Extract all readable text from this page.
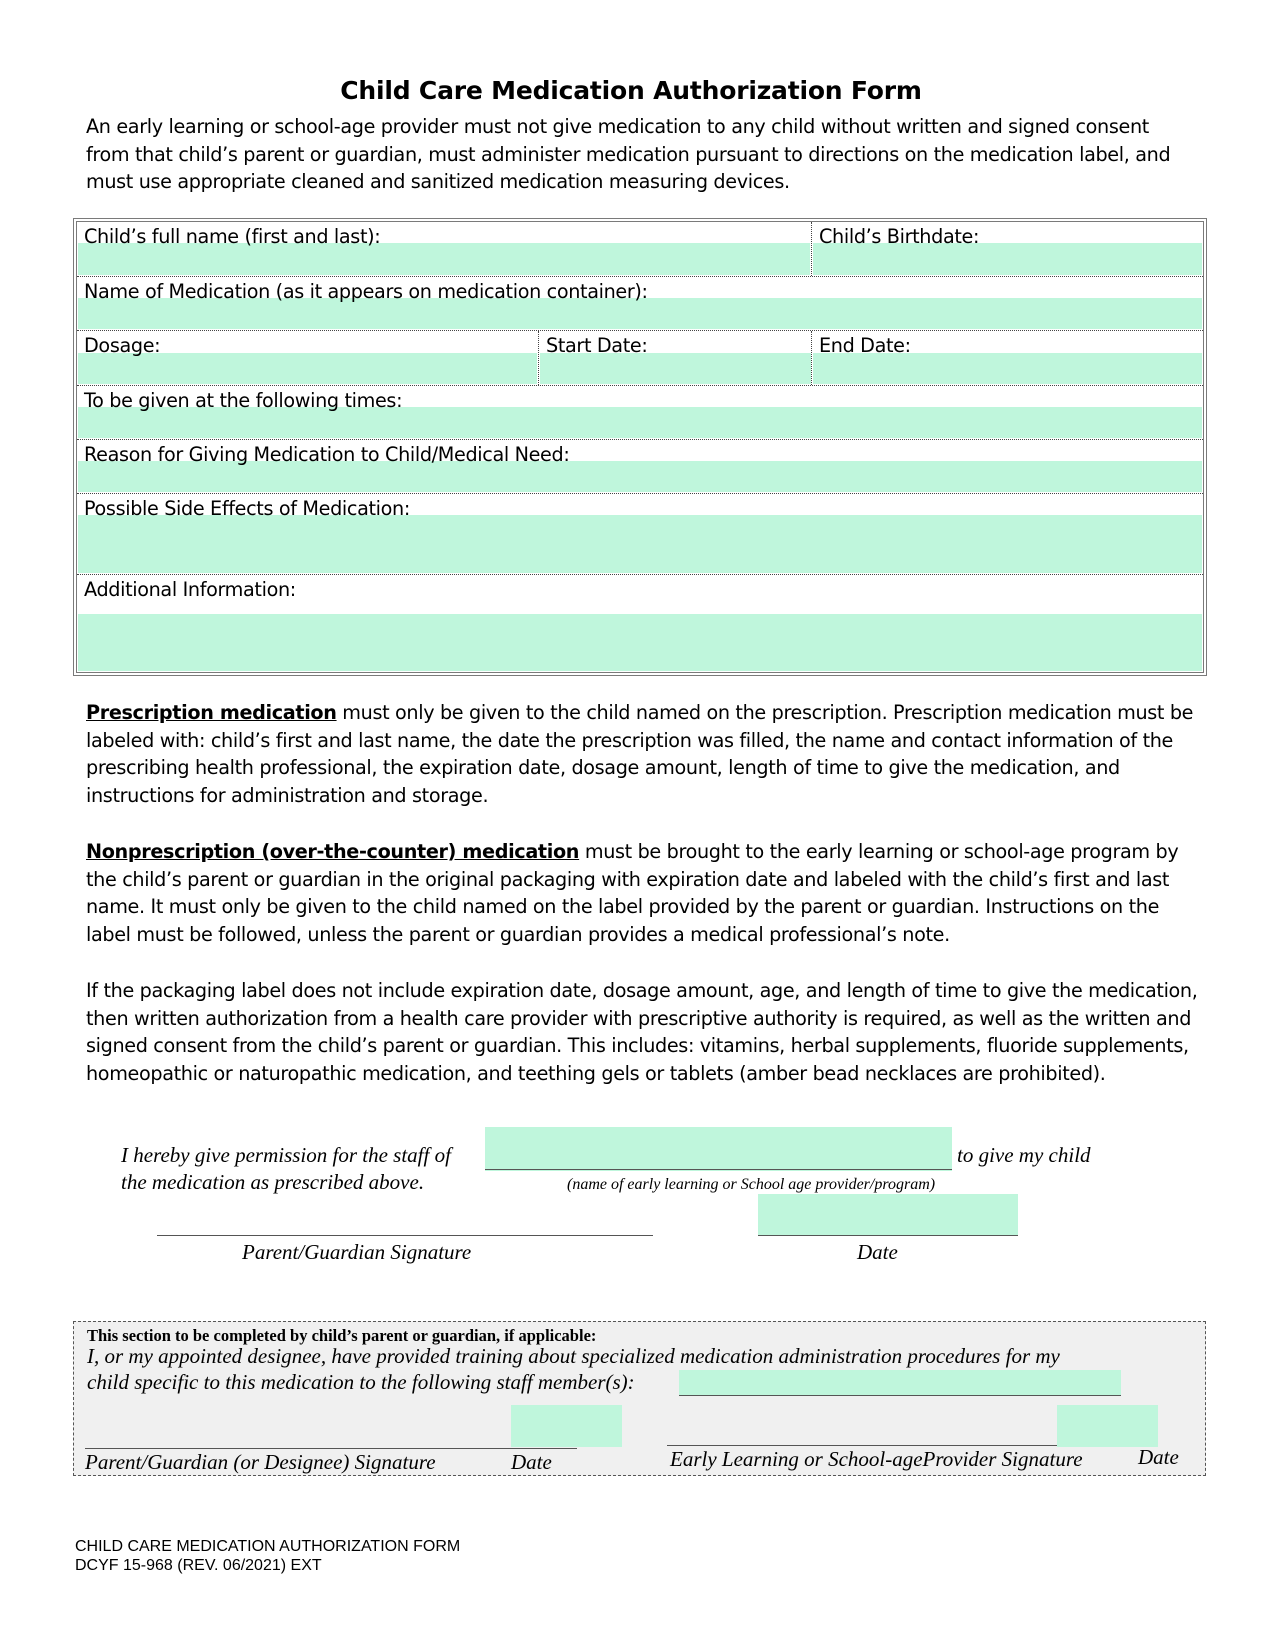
Child Care Medication Authorization Form
An early learning or school-age provider must not give medication to any child without written and signed consent from that child’s parent or guardian, must administer medication pursuant to directions on the medication label, and must use appropriate cleaned and sanitized medication measuring devices.
Child’s full name (first and last):	Child’s Birthdate:
Name of Medication (as it appears on medication container):
Dosage:	Start Date:	End Date:
To be given at the following times:
Reason for Giving Medication to Child/Medical Need:
Possible Side Effects of Medication:
Additional Information:
Prescription medication must only be given to the child named on the prescription. Prescription medication must be labeled with: child’s first and last name, the date the prescription was filled, the name and contact information of the prescribing health professional, the expiration date, dosage amount, length of time to give the medication, and instructions for administration and storage.
Nonprescription (over-the-counter) medication must be brought to the early learning or school-age program by the child’s parent or guardian in the original packaging with expiration date and labeled with the child’s first and last name. It must only be given to the child named on the label provided by the parent or guardian. Instructions on the label must be followed, unless the parent or guardian provides a medical professional’s note.
If the packaging label does not include expiration date, dosage amount, age, and length of time to give the medication, then written authorization from a health care provider with prescriptive authority is required, as well as the written and signed consent from the child’s parent or guardian. This includes: vitamins, herbal supplements, fluoride supplements, homeopathic or naturopathic medication, and teething gels or tablets (amber bead necklaces are prohibited).
I hereby give permission for the staff of	to give my child
the medication as prescribed above.	(name of early learning or School age provider/program)
Parent/Guardian Signature	Date
This section to be completed by child’s parent or guardian, if applicable:
I, or my appointed designee, have provided training about specialized medication administration procedures for my
child specific to this medication to the following staff member(s):
Parent/Guardian (or Designee) Signature	Date	Early Learning or School-ageProvider Signature	Date
CHILD CARE MEDICATION AUTHORIZATION FORM
DCYF 15-968 (REV. 06/2021) EXT
